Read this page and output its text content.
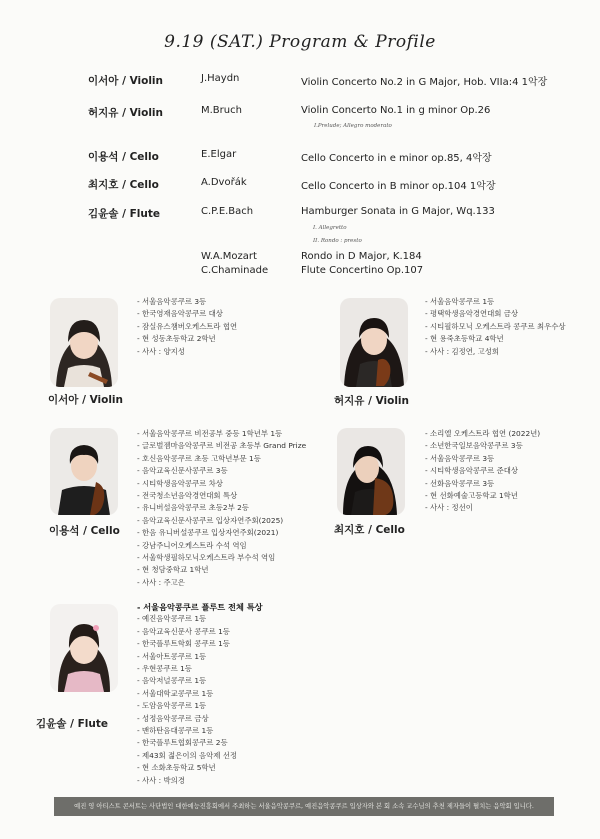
9.19 (SAT.) Program & Profile
이서아 / Violin	J.Haydn	Violin Concerto No.2 in G Major, Hob. VIIa:4 1악장
허지유 / Violin	M.Bruch	Violin Concerto No.1 in g minor Op.26
I.Prelude; Allegro moderato
이용석 / Cello	E.Elgar	Cello Concerto in e minor op.85, 4악장
최지호 / Cello	A.Dvořák	Cello Concerto in B minor op.104 1악장
김윤솔 / Flute	C.P.E.Bach	Hamburger Sonata in G Major, Wq.133
I. Allegretto
II. Rondo : presto
W.A.Mozart	Rondo in D Major, K.184
C.Chaminade	Flute Concertino Op.107
이서아 / Violin
- 서울음악콩쿠르 3등
- 한국영재음악콩쿠르 대상
- 잠실유스챔버오케스트라 협연
- 현 성동초등학교 2학년
- 사사 : 양지성
허지유 / Violin
- 서울음악콩쿠르 1등
- 평택학생음악경연대회 금상
- 시티필하모닉 오케스트라 콩쿠르 최우수상
- 현 용죽초등학교 4학년
- 사사 : 김정연, 고성희
이용석 / Cello
- 서울음악콩쿠르 비전공부 중등 1학년부 1등
- 글로벌젬마음악콩쿠르 비전공 초등부 Grand Prize
- 호신음악콩쿠르 초등 고학년부문 1등
- 음악교육신문사콩쿠르 3등
- 시티학생음악콩쿠르 차상
- 전국청소년음악경연대회 특상
- 유니버설음악콩쿠르 초등2부 2등
- 음악교육신문사콩쿠르 입상자연주회(2025)
- 한음 유니버설콩쿠르 입상자연주회(2021)
- 강남주니어오케스트라 수석 역임
- 서울학생필하모닉오케스트라 부수석 역임
- 현 청담중학교 1학년
- 사사 : 주고은
최지호 / Cello
- 소리엘 오케스트라 협연 (2022년)
- 소년한국일보음악콩쿠르 3등
- 서울음악콩쿠르 3등
- 시티학생음악콩쿠르 준대상
- 선화음악콩쿠르 3등
- 현 선화예술고등학교 1학년
- 사사 : 정선이
김윤솔 / Flute
- 서울음악콩쿠르 플루트 전체 특상
- 예진음악콩쿠르 1등
- 음악교육신문사 콩쿠르 1등
- 한국플루트학회 콩쿠르 1등
- 서울아트콩쿠르 1등
- 우현콩쿠르 1등
- 음악저널콩쿠르 1등
- 서울대학교콩쿠르 1등
- 도암음악콩쿠르 1등
- 성정음악콩쿠르 금상
- 맨하탄음대콩쿠르 1등
- 한국플루트협회콩쿠르 2등
- 제43회 젊은이의 음악제 선정
- 현 소화초등학교 5학년
- 사사 : 박의경
예진 영 아티스트 콘서트는 사단법인 대한예능진흥회에서 주최하는 서울음악콩쿠르, 예진음악콩쿠르 입상자와 본 회 소속 교수님의 추천 제자들이 펼치는 음악회 입니다.
